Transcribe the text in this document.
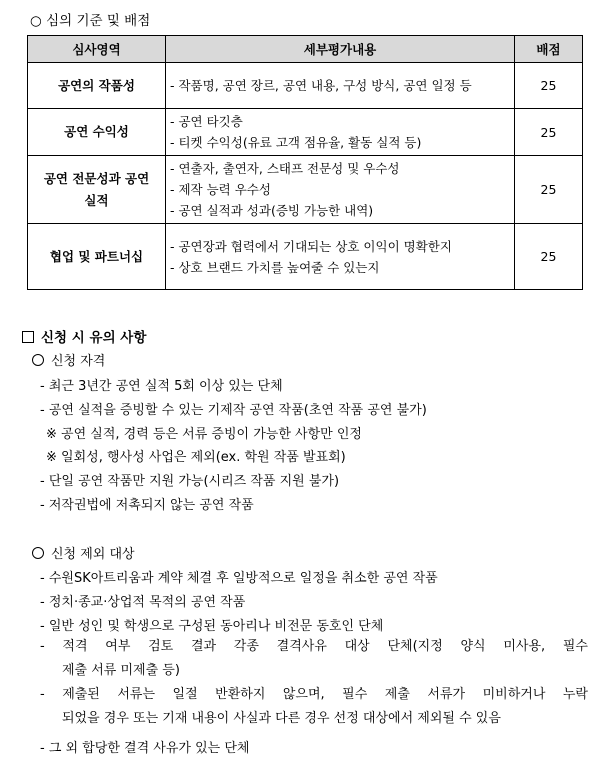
○ 심의 기준 및 배점
심사영역	세부평가내용	배점
공연의 작품성	- 작품명, 공연 장르, 공연 내용, 구성 방식, 공연 일정 등	25
공연 수익성	- 공연 타깃층
- 티켓 수익성(유료 고객 점유율, 활동 실적 등)	25
공연 전문성과 공연실적	- 연출자, 출연자, 스태프 전문성 및 우수성
- 제작 능력 우수성
- 공연 실적과 성과(증빙 가능한 내역)	25
협업 및 파트너십	- 공연장과 협력에서 기대되는 상호 이익이 명확한지
- 상호 브랜드 가치를 높여줄 수 있는지	25
신청 시 유의 사항
신청 자격
- 최근 3년간 공연 실적 5회 이상 있는 단체
- 공연 실적을 증빙할 수 있는 기제작 공연 작품(초연 작품 공연 불가)
※ 공연 실적, 경력 등은 서류 증빙이 가능한 사항만 인정
※ 일회성, 행사성 사업은 제외(ex. 학원 작품 발표회)
- 단일 공연 작품만 지원 가능(시리즈 작품 지원 불가)
- 저작권법에 저촉되지 않는 공연 작품
신청 제외 대상
- 수원SK아트리움과 계약 체결 후 일방적으로 일정을 취소한 공연 작품
- 정치·종교·상업적 목적의 공연 작품
- 일반 성인 및 학생으로 구성된 동아리나 비전문 동호인 단체
- 적격 여부 검토 결과 각종 결격사유 대상 단체(지정 양식 미사용, 필수
제출 서류 미제출 등)
- 제출된 서류는 일절 반환하지 않으며, 필수 제출 서류가 미비하거나 누락
되었을 경우 또는 기재 내용이 사실과 다른 경우 선정 대상에서 제외될 수 있음
- 그 외 합당한 결격 사유가 있는 단체
